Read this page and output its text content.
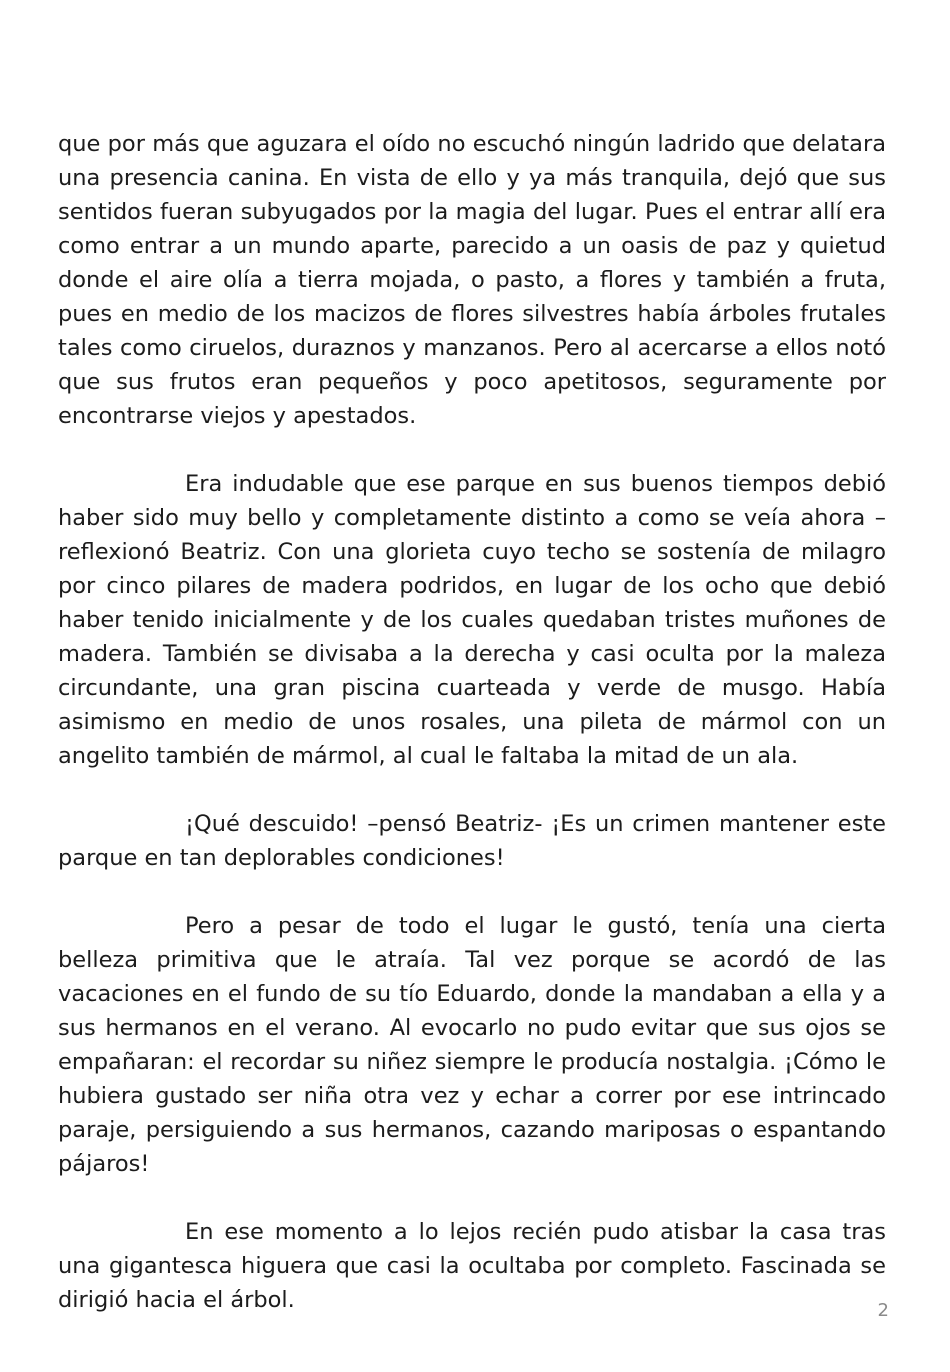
que por más que aguzara el oído no escuchó ningún ladrido que delatara una presencia canina. En vista de ello y ya más tranquila, dejó que sus sentidos fueran subyugados por la magia del lugar. Pues el entrar allí era como entrar a un mundo aparte, parecido a un oasis de paz y quietud donde el aire olía a tierra mojada, o pasto, a flores y también a fruta, pues en medio de los macizos de flores silvestres había árboles frutales tales como ciruelos, duraznos y manzanos. Pero al acercarse a ellos notó que sus frutos eran pequeños y poco apetitosos, seguramente por encontrarse viejos y apestados.

Era indudable que ese parque en sus buenos tiempos debió haber sido muy bello y completamente distinto a como se veía ahora –reflexionó Beatriz. Con una glorieta cuyo techo se sostenía de milagro por cinco pilares de madera podridos, en lugar de los ocho que debió haber tenido inicialmente y de los cuales quedaban tristes muñones de madera. También se divisaba a la derecha y casi oculta por la maleza circundante, una gran piscina cuarteada y verde de musgo. Había asimismo en medio de unos rosales, una pileta de mármol con un angelito también de mármol, al cual le faltaba la mitad de un ala.

¡Qué descuido! –pensó Beatriz- ¡Es un crimen mantener este parque en tan deplorables condiciones!

Pero a pesar de todo el lugar le gustó, tenía una cierta belleza primitiva que le atraía. Tal vez porque se acordó de las vacaciones en el fundo de su tío Eduardo, donde la mandaban a ella y a sus hermanos en el verano. Al evocarlo no pudo evitar que sus ojos se empañaran: el recordar su niñez siempre le producía nostalgia. ¡Cómo le hubiera gustado ser niña otra vez y echar a correr por ese intrincado paraje, persiguiendo a sus hermanos, cazando mariposas o espantando pájaros!

En ese momento a lo lejos recién pudo atisbar la casa tras una gigantesca higuera que casi la ocultaba por completo. Fascinada se dirigió hacia el árbol.	2
